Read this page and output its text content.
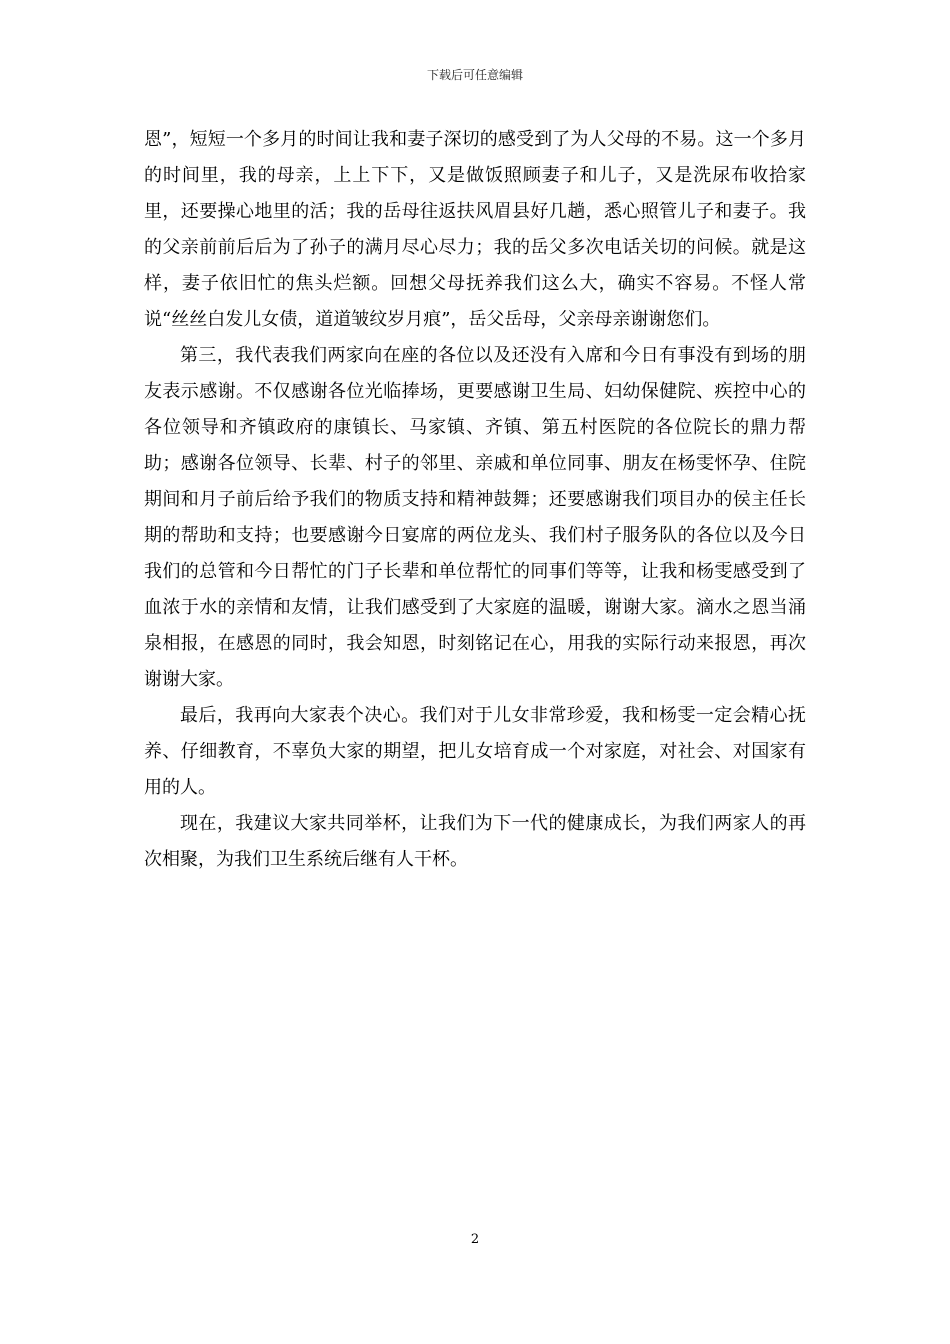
下载后可任意编辑

恩”，短短一个多月的时间让我和妻子深切的感受到了为人父母的不易。这一个多月的时间里，我的母亲，上上下下，又是做饭照顾妻子和儿子，又是洗尿布收拾家里，还要操心地里的活；我的岳母往返扶风眉县好几趟，悉心照管儿子和妻子。我的父亲前前后后为了孙子的满月尽心尽力；我的岳父多次电话关切的问候。就是这样，妻子依旧忙的焦头烂额。回想父母抚养我们这么大，确实不容易。不怪人常说“丝丝白发儿女债，道道皱纹岁月痕”，岳父岳母，父亲母亲谢谢您们。

第三，我代表我们两家向在座的各位以及还没有入席和今日有事没有到场的朋友表示感谢。不仅感谢各位光临捧场，更要感谢卫生局、妇幼保健院、疾控中心的各位领导和齐镇政府的康镇长、马家镇、齐镇、第五村医院的各位院长的鼎力帮助；感谢各位领导、长辈、村子的邻里、亲戚和单位同事、朋友在杨雯怀孕、住院期间和月子前后给予我们的物质支持和精神鼓舞；还要感谢我们项目办的侯主任长期的帮助和支持；也要感谢今日宴席的两位龙头、我们村子服务队的各位以及今日我们的总管和今日帮忙的门子长辈和单位帮忙的同事们等等，让我和杨雯感受到了血浓于水的亲情和友情，让我们感受到了大家庭的温暖，谢谢大家。滴水之恩当涌泉相报，在感恩的同时，我会知恩，时刻铭记在心，用我的实际行动来报恩，再次谢谢大家。

最后，我再向大家表个决心。我们对于儿女非常珍爱，我和杨雯一定会精心抚养、仔细教育，不辜负大家的期望，把儿女培育成一个对家庭，对社会、对国家有用的人。

现在，我建议大家共同举杯，让我们为下一代的健康成长，为我们两家人的再次相聚，为我们卫生系统后继有人干杯。

2
